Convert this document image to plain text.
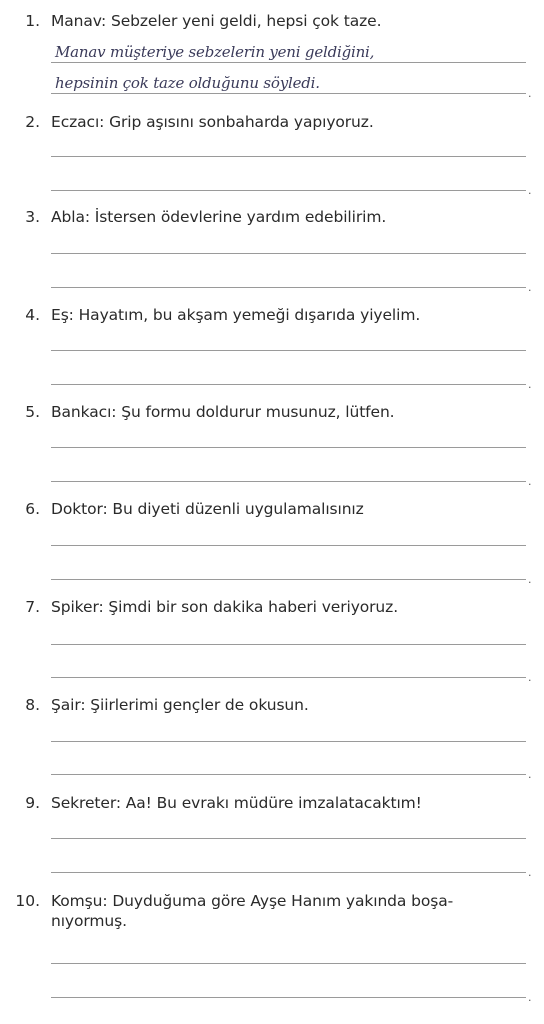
1. Manav: Sebzeler yeni geldi, hepsi çok taze.
Manav müşteriye sebzelerin yeni geldiğini,
hepsinin çok taze olduğunu söyledi.
.
2. Eczacı: Grip aşısını sonbaharda yapıyoruz.
.
3. Abla: İstersen ödevlerine yardım edebilirim.
.
4. Eş: Hayatım, bu akşam yemeği dışarıda yiyelim.
.
5. Bankacı: Şu formu doldurur musunuz, lütfen.
.
6. Doktor: Bu diyeti düzenli uygulamalısınız
.
7. Spiker: Şimdi bir son dakika haberi veriyoruz.
.
8. Şair: Şiirlerimi gençler de okusun.
.
9. Sekreter: Aa! Bu evrakı müdüre imzalatacaktım!
.
10. Komşu: Duyduğuma göre Ayşe Hanım yakında boşa-nıyormuş.
.
